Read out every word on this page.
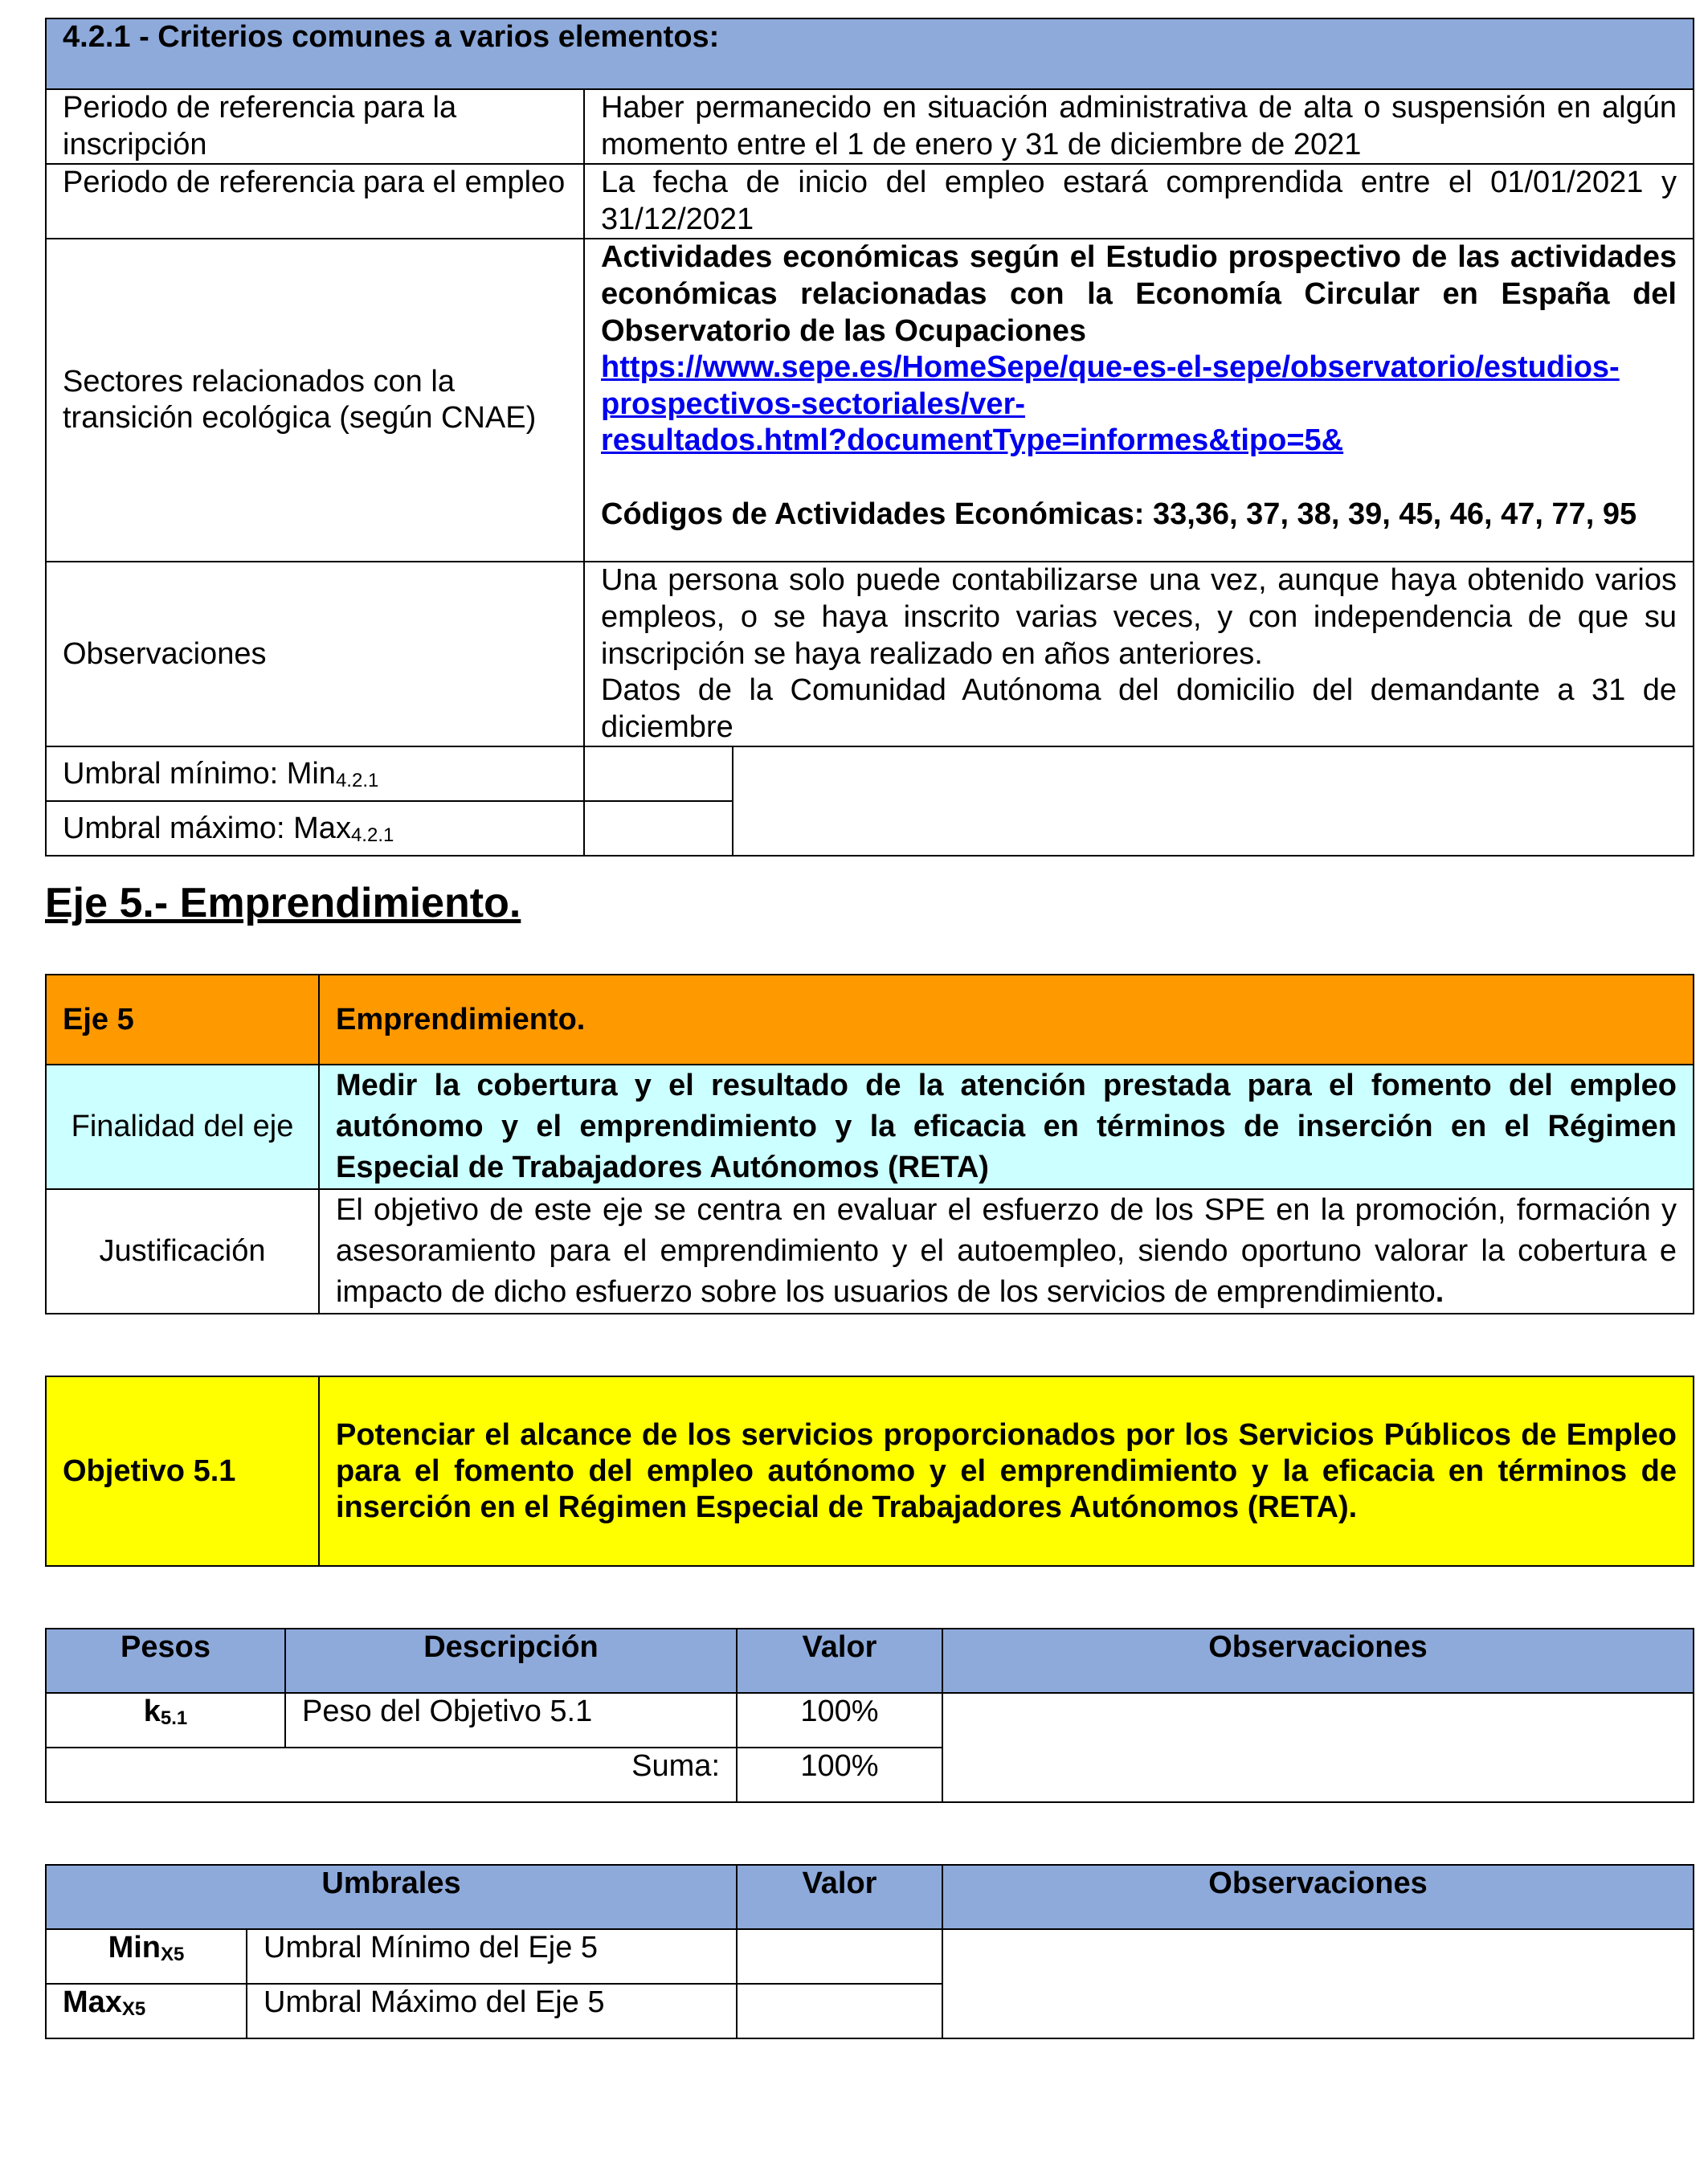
4.2.1 - Criterios comunes a varios elementos:		
Periodo de referencia para la inscripción	Haber permanecido en situación administrativa de alta o suspensión en algún momento entre el 1 de enero y 31 de diciembre de 2021	
Periodo de referencia para el empleo	La fecha de inicio del empleo estará comprendida entre el 01/01/2021 y 31/12/2021	
Sectores relacionados con la transición ecológica (según CNAE)	Actividades económicas según el Estudio prospectivo de las actividades económicas relacionadas con la Economía Circular en España del Observatorio de las Ocupaciones
https://www.sepe.es/HomeSepe/que-es-el-sepe/observatorio/estudios-
prospectivos-sectoriales/ver-
resultados.html?documentType=informes&tipo=5&
Códigos de Actividades Económicas: 33,36, 37, 38, 39, 45, 46, 47, 77, 95	

Observaciones	Una persona solo puede contabilizarse una vez, aunque haya obtenido varios empleos, o se haya inscrito varias veces, y con independencia de que su inscripción se haya realizado en años anteriores.
Datos de la Comunidad Autónoma del domicilio del demandante a 31 de diciembre	

Umbral mínimo: Min$_{4.2.1}$		
Umbral máximo: Max$_{4.2.1}$	
Eje 5.- Emprendimiento.
Eje 5	Emprendimiento.
Finalidad del eje	Medir la cobertura y el resultado de la atención prestada para el fomento del empleo autónomo y el emprendimiento y la eficacia en términos de inserción en el Régimen Especial de Trabajadores Autónomos (RETA)
Justificación	El objetivo de este eje se centra en evaluar el esfuerzo de los SPE en la promoción, formación y asesoramiento para el emprendimiento y el autoempleo, siendo oportuno valorar la cobertura e impacto de dicho esfuerzo sobre los usuarios de los servicios de emprendimiento.
Objetivo 5.1	Potenciar el alcance de los servicios proporcionados por los Servicios Públicos de Empleo para el fomento del empleo autónomo y el emprendimiento y la eficacia en términos de inserción en el Régimen Especial de Trabajadores Autónomos (RETA).
Pesos	Descripción	Valor	Observaciones
$k_{5.1}$	Peso del Objetivo 5.1	100%	
Suma:		100%	
Umbrales		Valor	Observaciones
Min$_{X5}$	Umbral Mínimo del Eje 5		
Max$_{X5}$	Umbral Máximo del Eje 5		
